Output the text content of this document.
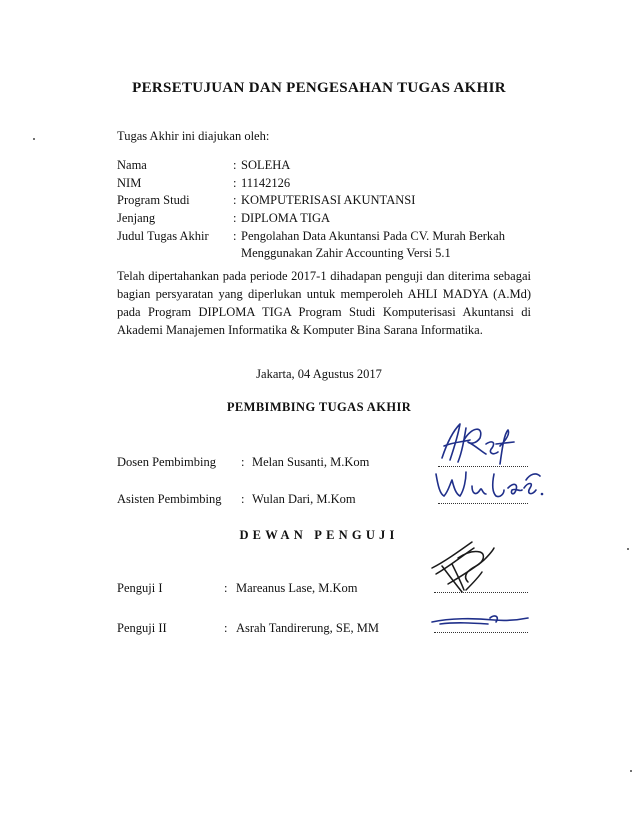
PERSETUJUAN DAN PENGESAHAN TUGAS AKHIR
Tugas Akhir ini diajukan oleh:
Nama	: SOLEHA
NIM	: 11142126
Program Studi	: KOMPUTERISASI AKUNTANSI
Jenjang	: DIPLOMA TIGA
Judul Tugas Akhir : Pengolahan Data Akuntansi Pada CV. Murah Berkah
Menggunakan Zahir Accounting Versi 5.1
Telah dipertahankan pada periode 2017-1 dihadapan penguji dan diterima sebagai bagian persyaratan yang diperlukan untuk memperoleh AHLI MADYA (A.Md) pada Program DIPLOMA TIGA Program Studi Komputerisasi Akuntansi di Akademi Manajemen Informatika & Komputer Bina Sarana Informatika.
Jakarta, 04 Agustus 2017
PEMBIMBING TUGAS AKHIR
Dosen Pembimbing : Melan Susanti, M.Kom
Asisten Pembimbing : Wulan Dari, M.Kom
DEWAN PENGUJI
Penguji I	: Mareanus Lase, M.Kom
Penguji II	: Asrah Tandirerung, SE, MM
